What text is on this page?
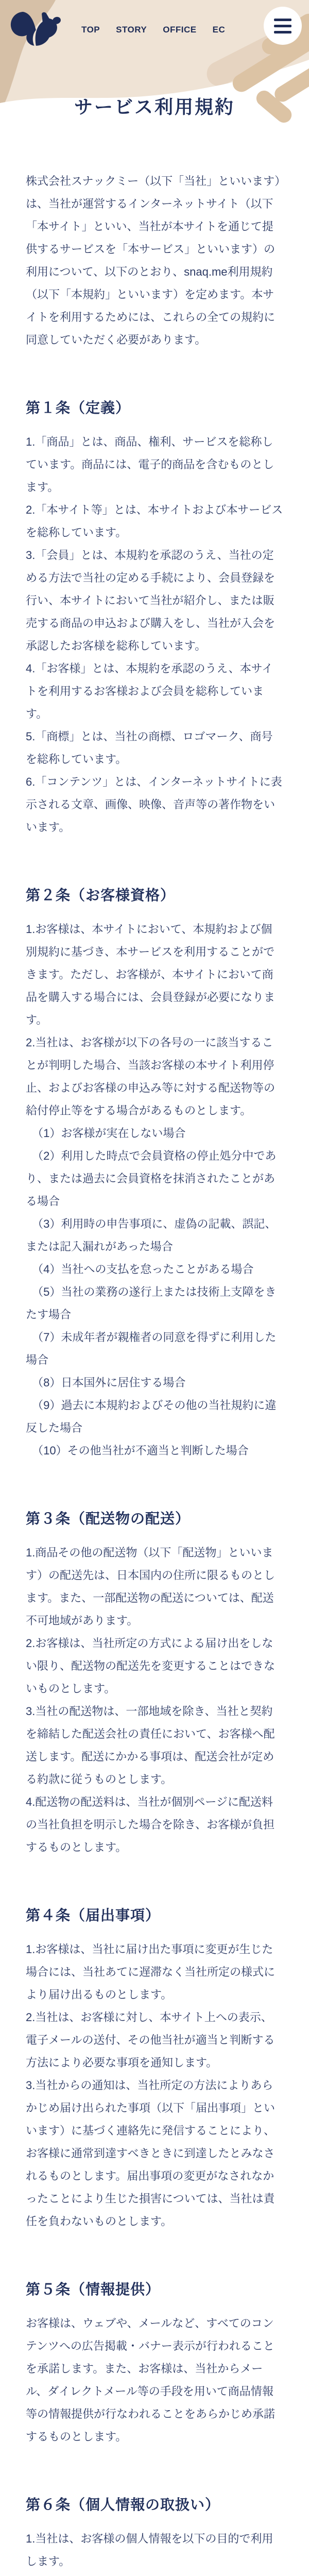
TOP STORY OFFICE EC
サービス利用規約

株式会社スナックミー（以下「当社」といいます）は、当社が運営するインターネットサイト（以下「本サイト」といい、当社が本サイトを通じて提供するサービスを「本サービス」といいます）の利用について、以下のとおり、snaq.me利用規約（以下「本規約」といいます）を定めます。本サイトを利用するためには、これらの全ての規約に同意していただく必要があります。

第１条（定義）

1.「商品」とは、商品、権利、サービスを総称しています。商品には、電子的商品を含むものとします。

2.「本サイト等」とは、本サイトおよび本サービスを総称しています。

3.「会員」とは、本規約を承認のうえ、当社の定める方法で当社の定める手続により、会員登録を行い、本サイトにおいて当社が紹介し、または販売する商品の申込および購入をし、当社が入会を承認したお客様を総称しています。

4.「お客様」とは、本規約を承認のうえ、本サイトを利用するお客様および会員を総称しています。

5.「商標」とは、当社の商標、ロゴマーク、商号を総称しています。

6.「コンテンツ」とは、インターネットサイトに表示される文章、画像、映像、音声等の著作物をいいます。

第２条（お客様資格）

1.お客様は、本サイトにおいて、本規約および個別規約に基づき、本サービスを利用することができます。ただし、お客様が、本サイトにおいて商品を購入する場合には、会員登録が必要になります。

2.当社は、お客様が以下の各号の一に該当することが判明した場合、当該お客様の本サイト利用停止、およびお客様の申込み等に対する配送物等の給付停止等をする場合があるものとします。

（1）お客様が実在しない場合

（2）利用した時点で会員資格の停止処分中であり、または過去に会員資格を抹消されたことがある場合

（3）利用時の申告事項に、虚偽の記載、誤記、または記入漏れがあった場合

（4）当社への支払を怠ったことがある場合

（5）当社の業務の遂行上または技術上支障をきたす場合

（7）未成年者が親権者の同意を得ずに利用した場合

（8）日本国外に居住する場合

（9）過去に本規約およびその他の当社規約に違反した場合

（10）その他当社が不適当と判断した場合

第３条（配送物の配送）

1.商品その他の配送物（以下「配送物」といいます）の配送先は、日本国内の住所に限るものとします。また、一部配送物の配送については、配送不可地域があります。

2.お客様は、当社所定の方式による届け出をしない限り、配送物の配送先を変更することはできないものとします。

3.当社の配送物は、一部地域を除き、当社と契約を締結した配送会社の責任において、お客様へ配送します。配送にかかる事項は、配送会社が定める約款に従うものとします。

4.配送物の配送料は、当社が個別ページに配送料の当社負担を明示した場合を除き、お客様が負担するものとします。

第４条（届出事項）

1.お客様は、当社に届け出た事項に変更が生じた場合には、当社あてに遅滞なく当社所定の様式により届け出るものとします。

2.当社は、お客様に対し、本サイト上への表示、電子メールの送付、その他当社が適当と判断する方法により必要な事項を通知します。

3.当社からの通知は、当社所定の方法によりあらかじめ届け出られた事項（以下「届出事項」といいます）に基づく連絡先に発信することにより、お客様に通常到達すべきときに到達したとみなされるものとします。届出事項の変更がなされなかったことにより生じた損害については、当社は責任を負わないものとします。

第５条（情報提供）

お客様は、ウェブや、メールなど、すべてのコンテンツへの広告掲載・バナー表示が行われることを承諾します。また、お客様は、当社からメール、ダイレクトメール等の手段を用いて商品情報等の情報提供が行なわれることをあらかじめ承諾するものとします。

第６条（個人情報の取扱い）

1.当社は、お客様の個人情報を以下の目的で利用します。
